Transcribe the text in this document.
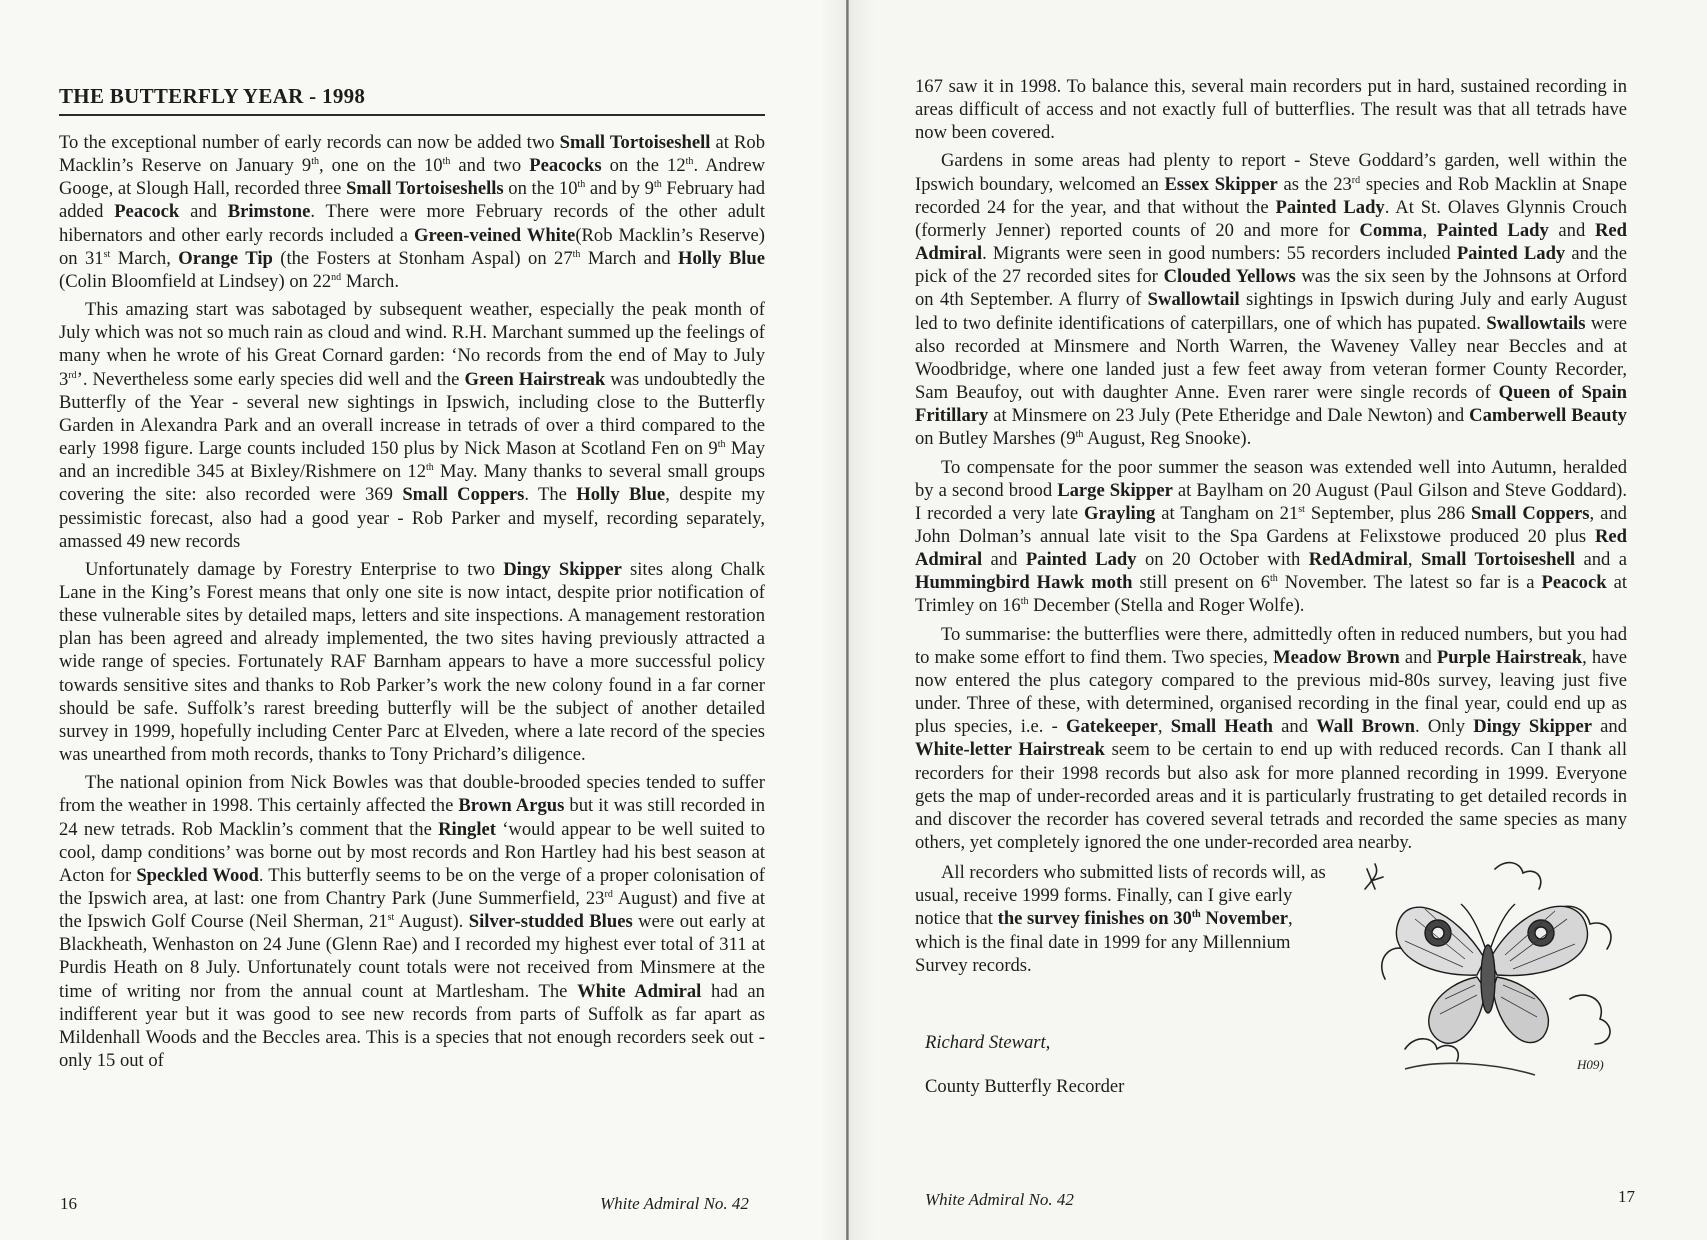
THE BUTTERFLY YEAR - 1998

To the exceptional number of early records can now be added two Small Tortoiseshell at Rob Macklin’s Reserve on January 9th, one on the 10th and two Peacocks on the 12th. Andrew Googe, at Slough Hall, recorded three Small Tortoiseshells on the 10th and by 9th February had added Peacock and Brimstone. There were more February records of the other adult hibernators and other early records included a Green-veined White(Rob Macklin’s Reserve) on 31st March, Orange Tip (the Fosters at Stonham Aspal) on 27th March and Holly Blue (Colin Bloomfield at Lindsey) on 22nd March.

This amazing start was sabotaged by subsequent weather, especially the peak month of July which was not so much rain as cloud and wind. R.H. Marchant summed up the feelings of many when he wrote of his Great Cornard garden: ‘No records from the end of May to July 3rd’. Nevertheless some early species did well and the Green Hairstreak was undoubtedly the Butterfly of the Year - several new sightings in Ipswich, including close to the Butterfly Garden in Alexandra Park and an overall increase in tetrads of over a third compared to the early 1998 figure. Large counts included 150 plus by Nick Mason at Scotland Fen on 9th May and an incredible 345 at Bixley/Rishmere on 12th May. Many thanks to several small groups covering the site: also recorded were 369 Small Coppers. The Holly Blue, despite my pessimistic forecast, also had a good year - Rob Parker and myself, recording separately, amassed 49 new records

Unfortunately damage by Forestry Enterprise to two Dingy Skipper sites along Chalk Lane in the King’s Forest means that only one site is now intact, despite prior notification of these vulnerable sites by detailed maps, letters and site inspections. A management restoration plan has been agreed and already implemented, the two sites having previously attracted a wide range of species. Fortunately RAF Barnham appears to have a more successful policy towards sensitive sites and thanks to Rob Parker’s work the new colony found in a far corner should be safe. Suffolk’s rarest breeding butterfly will be the subject of another detailed survey in 1999, hopefully including Center Parc at Elveden, where a late record of the species was unearthed from moth records, thanks to Tony Prichard’s diligence.

The national opinion from Nick Bowles was that double-brooded species tended to suffer from the weather in 1998. This certainly affected the Brown Argus but it was still recorded in 24 new tetrads. Rob Macklin’s comment that the Ringlet ‘would appear to be well suited to cool, damp conditions’ was borne out by most records and Ron Hartley had his best season at Acton for Speckled Wood. This butterfly seems to be on the verge of a proper colonisation of the Ipswich area, at last: one from Chantry Park (June Summerfield, 23rd August) and five at the Ipswich Golf Course (Neil Sherman, 21st August). Silver-studded Blues were out early at Blackheath, Wenhaston on 24 June (Glenn Rae) and I recorded my highest ever total of 311 at Purdis Heath on 8 July. Unfortunately count totals were not received from Minsmere at the time of writing nor from the annual count at Martlesham. The White Admiral had an indifferent year but it was good to see new records from parts of Suffolk as far apart as Mildenhall Woods and the Beccles area. This is a species that not enough recorders seek out - only 15 out of

167 saw it in 1998. To balance this, several main recorders put in hard, sustained recording in areas difficult of access and not exactly full of butterflies. The result was that all tetrads have now been covered.

Gardens in some areas had plenty to report - Steve Goddard’s garden, well within the Ipswich boundary, welcomed an Essex Skipper as the 23rd species and Rob Macklin at Snape recorded 24 for the year, and that without the Painted Lady. At St. Olaves Glynnis Crouch (formerly Jenner) reported counts of 20 and more for Comma, Painted Lady and Red Admiral. Migrants were seen in good numbers: 55 recorders included Painted Lady and the pick of the 27 recorded sites for Clouded Yellows was the six seen by the Johnsons at Orford on 4th September. A flurry of Swallowtail sightings in Ipswich during July and early August led to two definite identifications of caterpillars, one of which has pupated. Swallowtails were also recorded at Minsmere and North Warren, the Waveney Valley near Beccles and at Woodbridge, where one landed just a few feet away from veteran former County Recorder, Sam Beaufoy, out with daughter Anne. Even rarer were single records of Queen of Spain Fritillary at Minsmere on 23 July (Pete Etheridge and Dale Newton) and Camberwell Beauty on Butley Marshes (9th August, Reg Snooke).

To compensate for the poor summer the season was extended well into Autumn, heralded by a second brood Large Skipper at Baylham on 20 August (Paul Gilson and Steve Goddard). I recorded a very late Grayling at Tangham on 21st September, plus 286 Small Coppers, and John Dolman’s annual late visit to the Spa Gardens at Felixstowe produced 20 plus Red Admiral and Painted Lady on 20 October with RedAdmiral, Small Tortoiseshell and a Hummingbird Hawk moth still present on 6th November. The latest so far is a Peacock at Trimley on 16th December (Stella and Roger Wolfe).

To summarise: the butterflies were there, admittedly often in reduced numbers, but you had to make some effort to find them. Two species, Meadow Brown and Purple Hairstreak, have now entered the plus category compared to the previous mid-80s survey, leaving just five under. Three of these, with determined, organised recording in the final year, could end up as plus species, i.e. - Gatekeeper, Small Heath and Wall Brown. Only Dingy Skipper and White-letter Hairstreak seem to be certain to end up with reduced records. Can I thank all recorders for their 1998 records but also ask for more planned recording in 1999. Everyone gets the map of under-recorded areas and it is particularly frustrating to get detailed records in and discover the recorder has covered several tetrads and recorded the same species as many others, yet completely ignored the one under-recorded area nearby.

All recorders who submitted lists of records will, as usual, receive 1999 forms. Finally, can I give early notice that the survey finishes on 30th November, which is the final date in 1999 for any Millennium Survey records.

Richard Stewart,
County Butterfly Recorder
H09)
16	White Admiral No. 42	White Admiral No. 42	17
